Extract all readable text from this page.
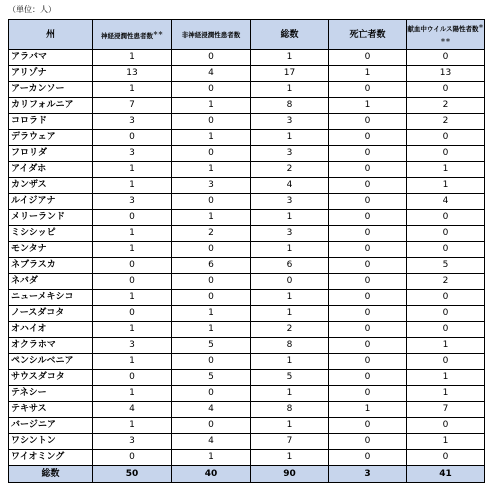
（単位：人）
州	神経浸潤性患者数＊＊	非神経浸潤性患者数	総数	死亡者数	献血中ウイルス陽性者数＊＊＊
アラバマ	1	0	1	0	0
アリゾナ	13	4	17	1	13
アーカンソー	1	0	1	0	0
カリフォルニア	7	1	8	1	2
コロラド	3	0	3	0	2
デラウェア	0	1	1	0	0
フロリダ	3	0	3	0	0
アイダホ	1	1	2	0	1
カンザス	1	3	4	0	1
ルイジアナ	3	0	3	0	4
メリーランド	0	1	1	0	0
ミシシッピ	1	2	3	0	0
モンタナ	1	0	1	0	0
ネブラスカ	0	6	6	0	5
ネバダ	0	0	0	0	2
ニューメキシコ	1	0	1	0	0
ノースダコタ	0	1	1	0	0
オハイオ	1	1	2	0	0
オクラホマ	3	5	8	0	1
ペンシルベニア	1	0	1	0	0
サウスダコタ	0	5	5	0	1
テネシー	1	0	1	0	1
テキサス	4	4	8	1	7
バージニア	1	0	1	0	0
ワシントン	3	4	7	0	1
ワイオミング	0	1	1	0	0
総数	50	40	90	3	41
